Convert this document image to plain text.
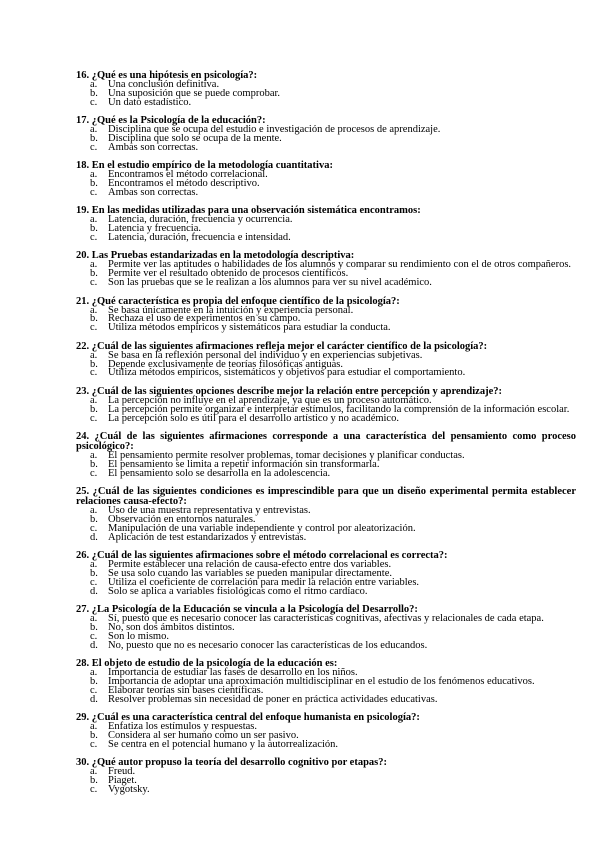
16. ¿Qué es una hipótesis en psicología?:

a. Una conclusión definitiva.
b. Una suposición que se puede comprobar.
c. Un dato estadístico.

17. ¿Qué es la Psicología de la educación?:

a. Disciplina que se ocupa del estudio e investigación de procesos de aprendizaje.
b. Disciplina que solo se ocupa de la mente.
c. Ambas son correctas.

18. En el estudio empírico de la metodología cuantitativa:

a. Encontramos el método correlacional.
b. Encontramos el método descriptivo.
c. Ambas son correctas.

19. En las medidas utilizadas para una observación sistemática encontramos:

a. Latencia, duración, frecuencia y ocurrencia.
b. Latencia y frecuencia.
c. Latencia, duración, frecuencia e intensidad.

20. Las Pruebas estandarizadas en la metodología descriptiva:

a. Permite ver las aptitudes o habilidades de los alumnos y comparar su rendimiento con el de otros compañeros.
b. Permite ver el resultado obtenido de procesos científicos.
c. Son las pruebas que se le realizan a los alumnos para ver su nivel académico.

21. ¿Qué característica es propia del enfoque científico de la psicología?:

a. Se basa únicamente en la intuición y experiencia personal.
b. Rechaza el uso de experimentos en su campo.
c. Utiliza métodos empíricos y sistemáticos para estudiar la conducta.

22. ¿Cuál de las siguientes afirmaciones refleja mejor el carácter científico de la psicología?:

a. Se basa en la reflexión personal del individuo y en experiencias subjetivas.
b. Depende exclusivamente de teorías filosóficas antiguas.
c. Utiliza métodos empíricos, sistemáticos y objetivos para estudiar el comportamiento.

23. ¿Cuál de las siguientes opciones describe mejor la relación entre percepción y aprendizaje?:

a. La percepción no influye en el aprendizaje, ya que es un proceso automático.
b. La percepción permite organizar e interpretar estímulos, facilitando la comprensión de la información escolar.
c. La percepción solo es útil para el desarrollo artístico y no académico.

24. ¿Cuál de las siguientes afirmaciones corresponde a una característica del pensamiento como proceso psicológico?:

a. El pensamiento permite resolver problemas, tomar decisiones y planificar conductas.
b. El pensamiento se limita a repetir información sin transformarla.
c. El pensamiento solo se desarrolla en la adolescencia.

25. ¿Cuál de las siguientes condiciones es imprescindible para que un diseño experimental permita establecer relaciones causa-efecto?:

a. Uso de una muestra representativa y entrevistas.
b. Observación en entornos naturales.
c. Manipulación de una variable independiente y control por aleatorización.
d. Aplicación de test estandarizados y entrevistas.

26. ¿Cuál de las siguientes afirmaciones sobre el método correlacional es correcta?:

a. Permite establecer una relación de causa-efecto entre dos variables.
b. Se usa solo cuando las variables se pueden manipular directamente.
c. Utiliza el coeficiente de correlación para medir la relación entre variables.
d. Solo se aplica a variables fisiológicas como el ritmo cardíaco.

27. ¿La Psicología de la Educación se vincula a la Psicología del Desarrollo?:

a. Sí, puesto que es necesario conocer las características cognitivas, afectivas y relacionales de cada etapa.
b. No, son dos ámbitos distintos.
c. Son lo mismo.
d. No, puesto que no es necesario conocer las características de los educandos.

28. El objeto de estudio de la psicología de la educación es:

a. Importancia de estudiar las fases de desarrollo en los niños.
b. Importancia de adoptar una aproximación multidisciplinar en el estudio de los fenómenos educativos.
c. Elaborar teorías sin bases científicas.
d. Resolver problemas sin necesidad de poner en práctica actividades educativas.

29. ¿Cuál es una característica central del enfoque humanista en psicología?:

a. Enfatiza los estímulos y respuestas.
b. Considera al ser humano como un ser pasivo.
c. Se centra en el potencial humano y la autorrealización.

30. ¿Qué autor propuso la teoría del desarrollo cognitivo por etapas?:

a. Freud.
b. Piaget.
c. Vygotsky.
